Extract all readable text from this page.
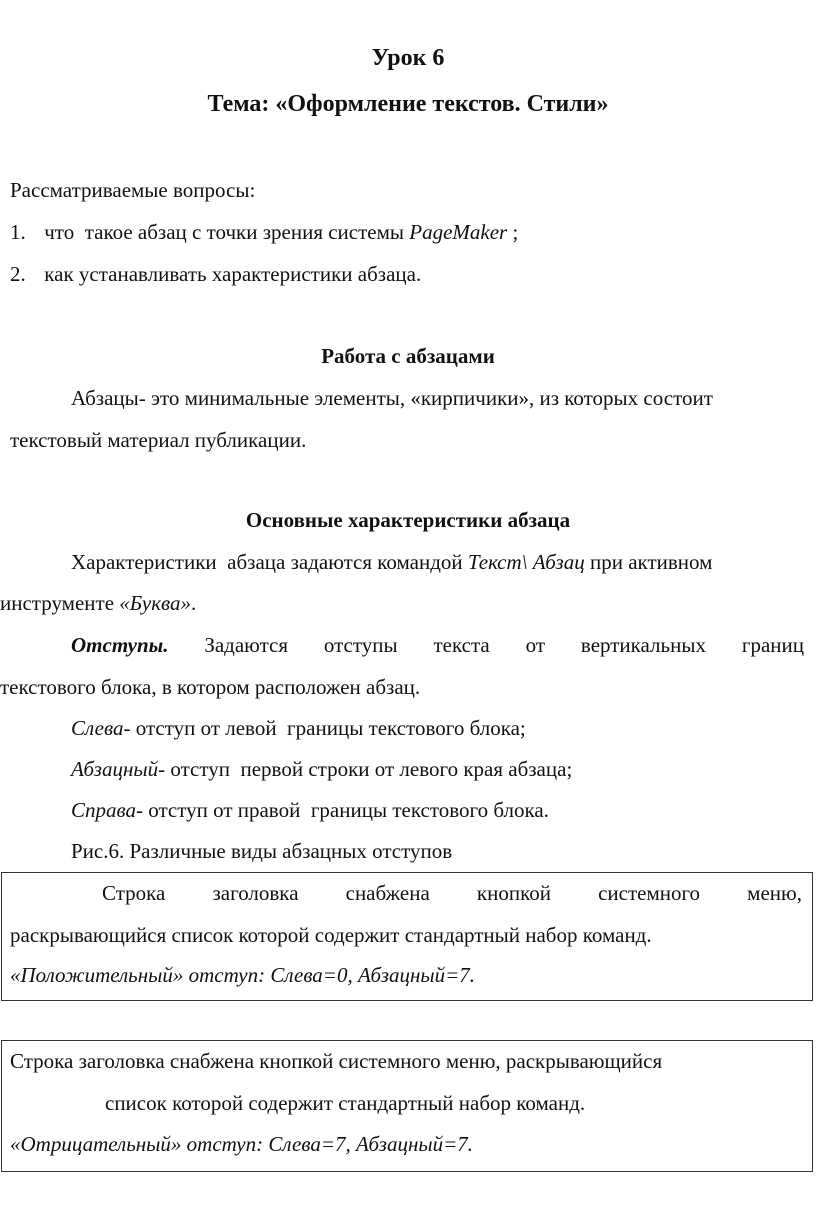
Урок 6
Тема: «Оформление текстов. Стили»
Рассматриваемые вопросы:
1. что  такое абзац с точки зрения системы PageMaker ;
2. как устанавливать характеристики абзаца.
Работа с абзацами
Абзацы- это минимальные элементы, «кирпичики», из которых состоит
текстовый материал публикации.
Основные характеристики абзаца
Характеристики  абзаца задаются командой Текст\ Абзац при активном
инструменте «Буква».
Отступы. Задаются отступы текста от вертикальных границ
текстового блока, в котором расположен абзац.
Слева- отступ от левой  границы текстового блока;
Абзацный- отступ  первой строки от левого края абзаца;
Справа- отступ от правой  границы текстового блока.
Рис.6. Различные виды абзацных отступов
Строка заголовка снабжена кнопкой системного меню,
раскрывающийся список которой содержит стандартный набор команд.
«Положительный» отступ: Слева=0, Абзацный=7.
Строка заголовка снабжена кнопкой системного меню, раскрывающийся
список которой содержит стандартный набор команд.
«Отрицательный» отступ: Слева=7, Абзацный=7.
